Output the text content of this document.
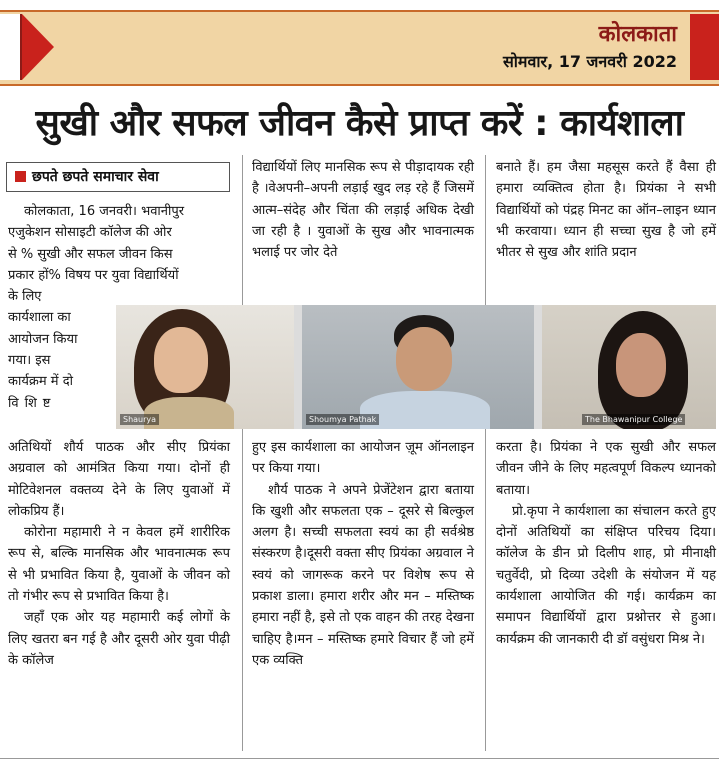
कोलकाता
सोमवार, 17 जनवरी 2022
सुखी और सफल जीवन कैसे प्राप्त करें : कार्यशाला
छपते छपते समाचार सेवा
कोलकाता, 16 जनवरी। भवानीपुर
एजुकेशन सोसाइटी कॉलेज की ओर
से % सुखी और सफल जीवन किस
प्रकार हों% विषय पर युवा विद्यार्थियों
के लिए
कार्यशाला का
आयोजन किया
गया। इस
कार्यक्रम में दो
विशिष्ट

अतिथियों शौर्य पाठक और सीए प्रियंका अग्रवाल को आमंत्रित किया गया। दोनों ही मोटिवेशनल वक्तव्य देने के लिए युवाओं में लोकप्रिय हैं।

कोरोना महामारी ने न केवल हमें शारीरिक रूप से, बल्कि मानसिक और भावनात्मक रूप से भी प्रभावित किया है, युवाओं के जीवन को तो गंभीर रूप से प्रभावित किया है।

जहाँ एक ओर यह महामारी कई लोगों के लिए खतरा बन गई है और दूसरी ओर युवा पीढ़ी के कॉलेज

विद्यार्थियों लिए मानसिक रूप से पीड़ादायक रही है ।वेअपनी–अपनी लड़ाई खुद लड़ रहे हैं जिसमें आत्म–संदेह और चिंता की लड़ाई अधिक देखी जा रही है । युवाओं के सुख और भावनात्मक भलाई पर जोर देते

हुए इस कार्यशाला का आयोजन ज़ूम ऑनलाइन पर किया गया।

शौर्य पाठक ने अपने प्रेजेंटेशन द्वारा बताया कि खुशी और सफलता एक – दूसरे से बिल्कुल अलग है। सच्ची सफलता स्वयं का ही सर्वश्रेष्ठ संस्करण है।दूसरी वक्ता सीए प्रियंका अग्रवाल ने स्वयं को जागरूक करने पर विशेष रूप से प्रकाश डाला। हमारा शरीर और मन – मस्तिष्क हमारा नहीं है, इसे तो एक वाहन की तरह देखना चाहिए है।मन – मस्तिष्क हमारे विचार हैं जो हमें एक व्यक्ति

बनाते हैं। हम जैसा महसूस करते हैं वैसा ही हमारा व्यक्तित्व होता है। प्रियंका ने सभी विद्यार्थियों को पंद्रह मिनट का ऑन–लाइन ध्यान भी करवाया। ध्यान ही सच्चा सुख है जो हमें भीतर से सुख और शांति प्रदान

करता है। प्रियंका ने एक सुखी और सफल जीवन जीने के लिए महत्वपूर्ण विकल्प ध्यानको बताया।

प्रो.कृपा ने कार्यशाला का संचालन करते हुए दोनों अतिथियों का संक्षिप्त परिचय दिया।कॉलेज के डीन प्रो दिलीप शाह, प्रो मीनाक्षी चतुर्वेदी, प्रो दिव्या उदेशी के संयोजन में यह कार्यशाला आयोजित की गई। कार्यक्रम का समापन विद्यार्थियों द्वारा प्रश्नोत्तर से हुआ। कार्यक्रम की जानकारी दी डॉ वसुंधरा मिश्र ने।

Shaurya	Shoumya Pathak	The Bhawanipur College
